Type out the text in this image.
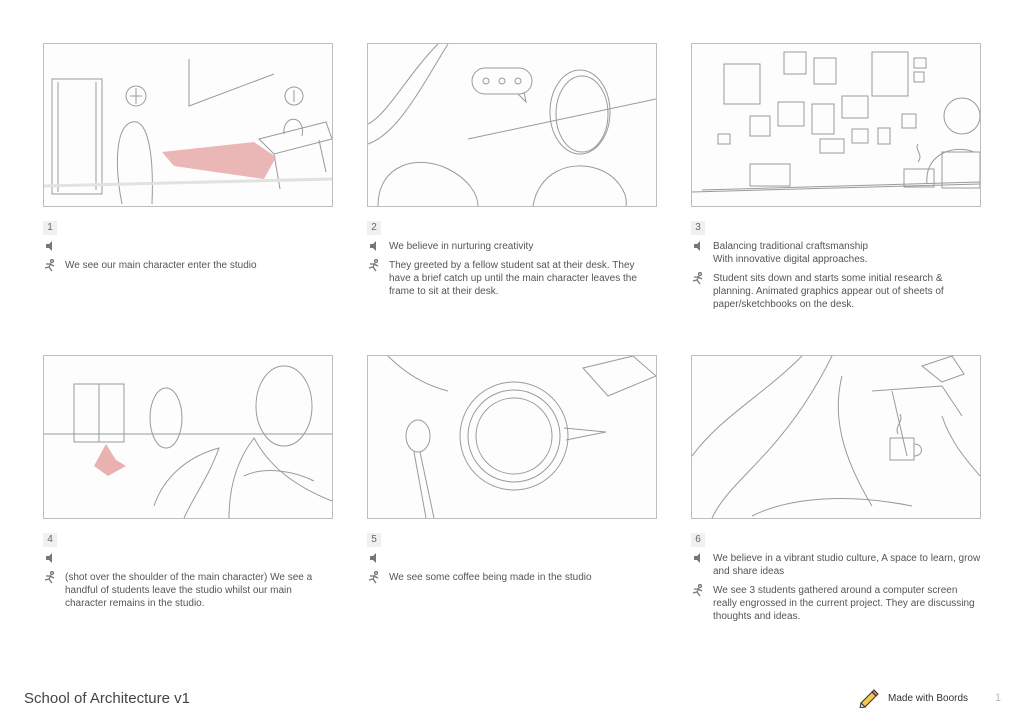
1
We see our main character enter the studio
2
We believe in nurturing creativity
They greeted by a fellow student sat at their desk. They have a brief catch up until the main character leaves the frame to sit at their desk.
3
Balancing traditional craftsmanship
With innovative digital approaches.
Student sits down and starts some initial research & planning. Animated graphics appear out of sheets of paper/sketchbooks on the desk.
4
(shot over the shoulder of the main character) We see a handful of students leave the studio whilst our main character remains in the studio.
5
We see some coffee being made in the studio
6
We believe in a vibrant studio culture, A space to learn, grow and share ideas
We see 3 students gathered around a computer screen really engrossed in the current project. They are discussing thoughts and ideas.
School of Architecture v1	Made with Boords 1
